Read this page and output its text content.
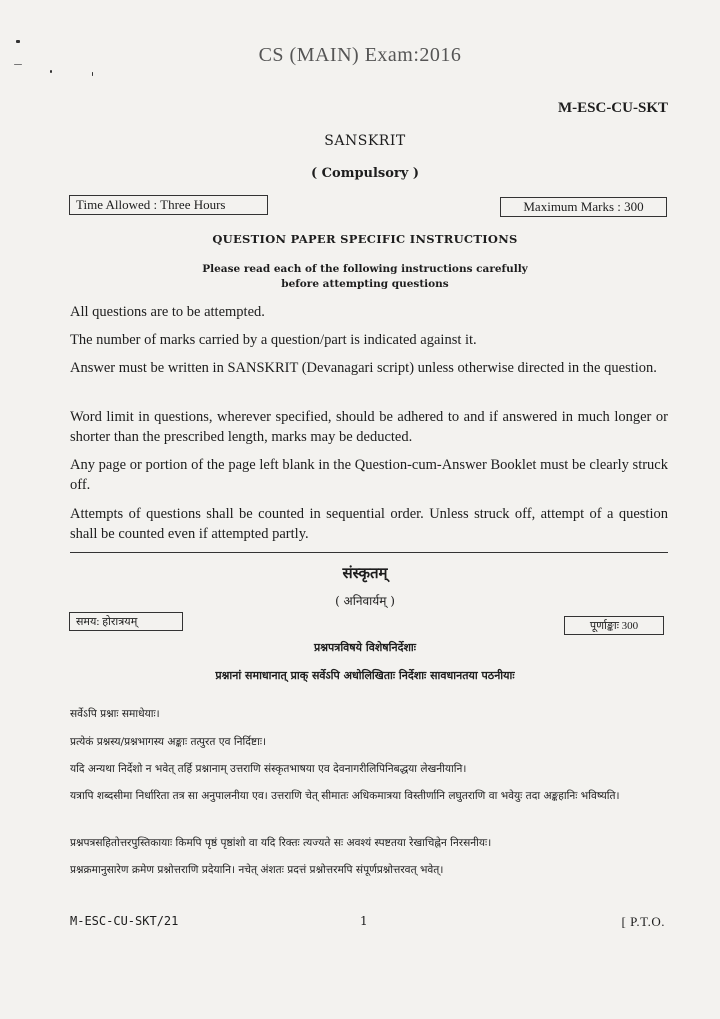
CS (MAIN) Exam:2016
M-ESC-CU-SKT
SANSKRIT
( Compulsory )
Time Allowed : Three Hours	Maximum Marks : 300
QUESTION PAPER SPECIFIC INSTRUCTIONS
Please read each of the following instructions carefully
before attempting questions
All questions are to be attempted.
The number of marks carried by a question/part is indicated against it.
Answer must be written in SANSKRIT (Devanagari script) unless otherwise directed in the question.
Word limit in questions, wherever specified, should be adhered to and if answered in much longer or shorter than the prescribed length, marks may be deducted.
Any page or portion of the page left blank in the Question-cum-Answer Booklet must be clearly struck off.
Attempts of questions shall be counted in sequential order. Unless struck off, attempt of a question shall be counted even if attempted partly.
संस्कृतम्
( अनिवार्यम् )
समय: होरात्रयम्	पूर्णाङ्काः 300
प्रश्नपत्रविषये विशेषनिर्देशाः
प्रश्नानां समाधानात् प्राक् सर्वेऽपि अधोलिखिताः निर्देशाः सावधानतया पठनीयाः
सर्वेऽपि प्रश्नाः समाधेयाः।
प्रत्येकं प्रश्नस्य/प्रश्नभागस्य अङ्काः तत्पुरत एव निर्दिष्टाः।
यदि अन्यथा निर्देशो न भवेत् तर्हि प्रश्नानाम् उत्तराणि संस्कृतभाषया एव देवनागरीलिपिनिबद्धया लेखनीयानि।
यत्रापि शब्दसीमा निर्धारिता तत्र सा अनुपालनीया एव। उत्तराणि चेत् सीमातः अधिकमात्रया विस्तीर्णानि लघुतराणि वा भवेयुः तदा अङ्कहानिः भविष्यति।
प्रश्नपत्रसहितोत्तरपुस्तिकायाः किमपि पृष्ठं पृष्ठांशो वा यदि रिक्तः त्यज्यते सः अवश्यं स्पष्टतया रेखाचिह्नेन निरसनीयः।
प्रश्नक्रमानुसारेण क्रमेण प्रश्नोत्तराणि प्रदेयानि। नचेत् अंशतः प्रदत्तं प्रश्नोत्तरमपि संपूर्णप्रश्नोत्तरवत् भवेत्।
M-ESC-CU-SKT/21	1	[ P.T.O.
